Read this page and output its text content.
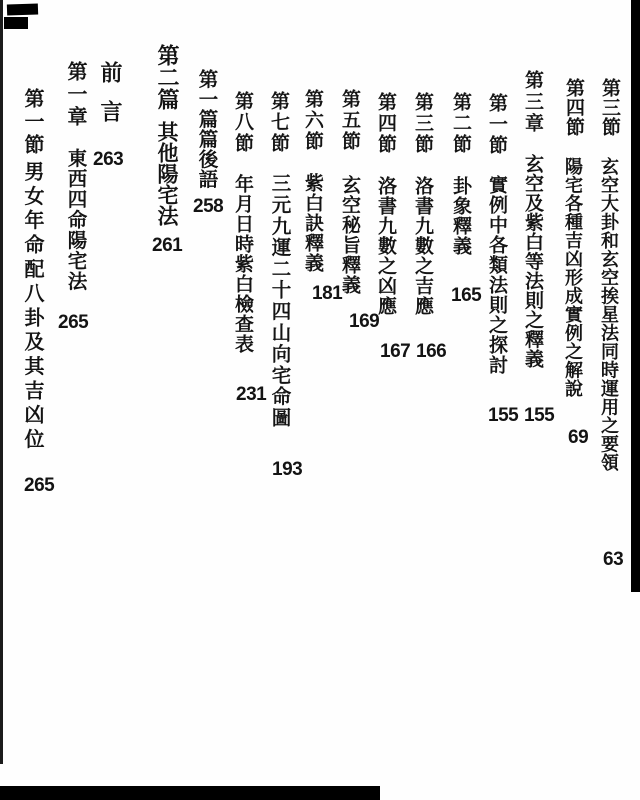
第三節
玄空大卦和玄空挨星法同時運用之要領
63
第四節
陽宅各種吉凶形成實例之解說
69
第三章
玄空及紫白等法則之釋義
155
第一節
實例中各類法則之探討
155
第二節
卦象釋義
165
第三節
洛書九數之吉應
166
第四節
洛書九數之凶應
167
第五節
玄空秘旨釋義
169
第六節
紫白訣釋義
181
第七節
三元九運二十四山向宅命圖
193
第八節
年月日時紫白檢查表
231
第一篇篇後語
258
第二篇
其他陽宅法
261
前言
263
第一章
東西四命陽宅法
265
第一節
男女年命配八卦及其吉凶位
265
